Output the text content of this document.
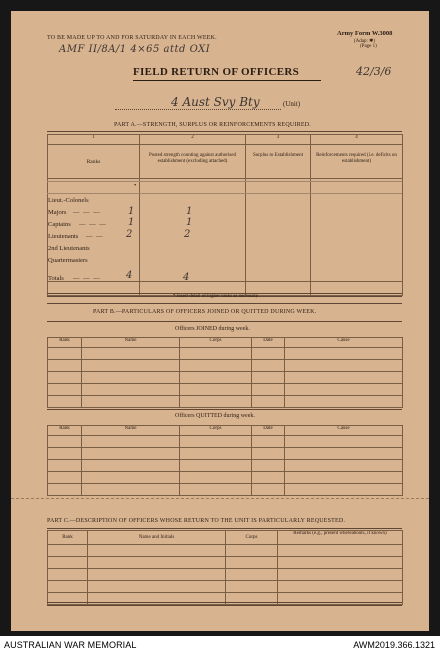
TO BE MADE UP TO AND FOR SATURDAY IN EACH WEEK.
Army Form W.3008
(Adap: ✱)
(Page 1)
AMF II/8A/1 4×65 attd OXI
FIELD RETURN OF OFFICERS	42/3/6
4 Aust Svy Bty	(Unit)
PART A.—STRENGTH, SURPLUS OR REINFORCEMENTS REQUIRED.
1	2	3	4
Ranks	Posted strength counting against authorised establishment (excluding attached)	Surplus to Establishment	Reinforcements required (i.e. deficits on establishment)

•
Lieut.-Colonels
Majors — — —	1	1
Captains — — — 1	1
Lieutenants — — 2	2
2nd Lieutenants
Quartermasters
Totals — — —	4	4
* Insert detail of higher ranks as necessary.
PART B.—PARTICULARS OF OFFICERS JOINED OR QUITTED DURING WEEK.
Officers JOINED during week.
Rank	Name	Corps	Date	Cause

Officers QUITTED during week.
Rank	Name	Corps	Date	Cause

PART C.—DESCRIPTION OF OFFICERS WHOSE RETURN TO THE UNIT IS PARTICULARLY REQUESTED.
Rank	Name and Initials	Corps	Remarks (e.g., present whereabouts, if known)

AUSTRALIAN WAR MEMORIAL	AWM2019.366.1321
